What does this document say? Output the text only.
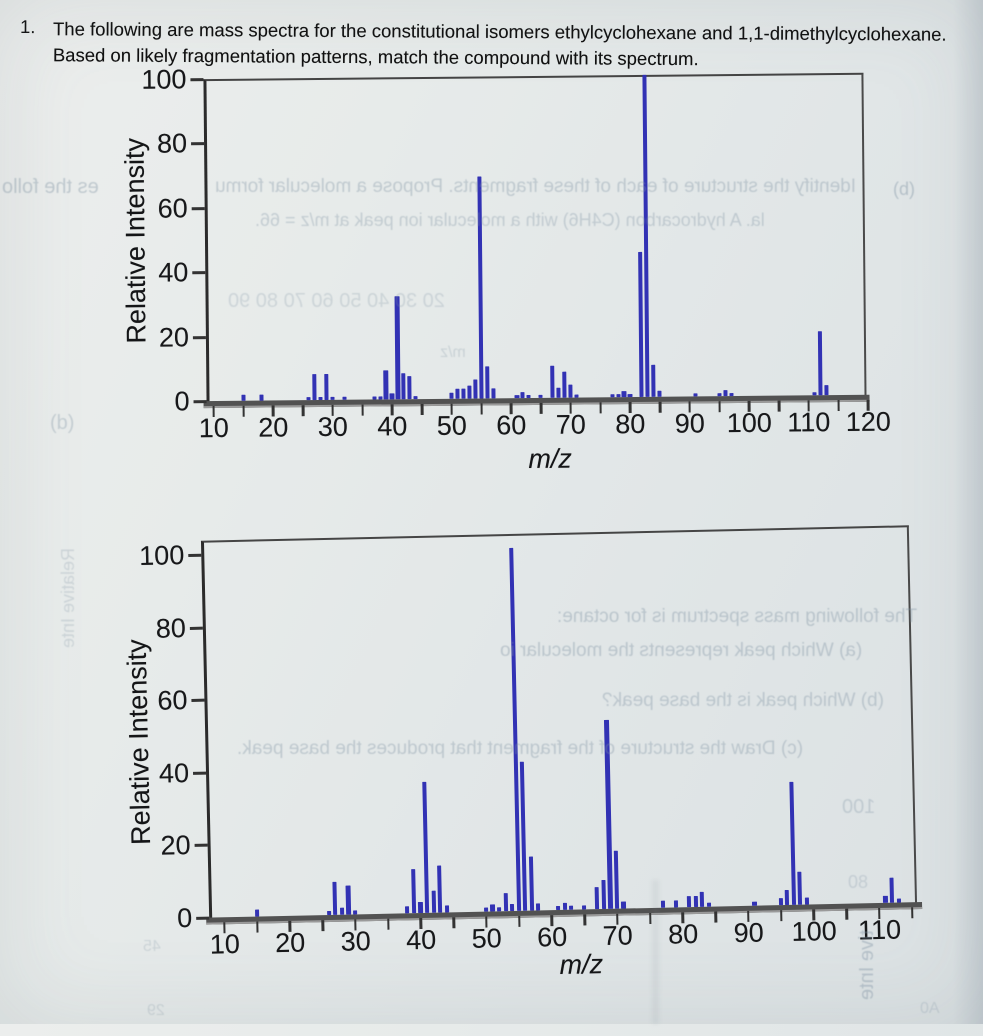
1. The following are mass spectra for the constitutional isomers ethylcyclohexane and 1,1-dimethylcyclohexane. Based on likely fragmentation patterns, match the compound with its spectrum.
0
20
40
60
80
100
10	20	30	40	50	60	70	80	90 100 110 120
Relative Intensity
m/z
0
20
40
60
80
100
10	20	30	40	50	60	70	80	90	100 110
Relative Intensity
m/z
es the follo	Identify the structure of each of these fragments. Propose a molecular formu (d)
la. A hydrocarbon (C4H6) with a molecular ion peak at m/z = 66.
20 30 40 50 60 70 80 90
m/z
(b)
Relative Inte	The following mass spectrum is for octane:
(a) Which peak represents the molecular io
(b) Which peak is the base peak?
(c) Draw the structure of the fragment that produces the base peak.
100
80
tive Inte
45
29	0A
